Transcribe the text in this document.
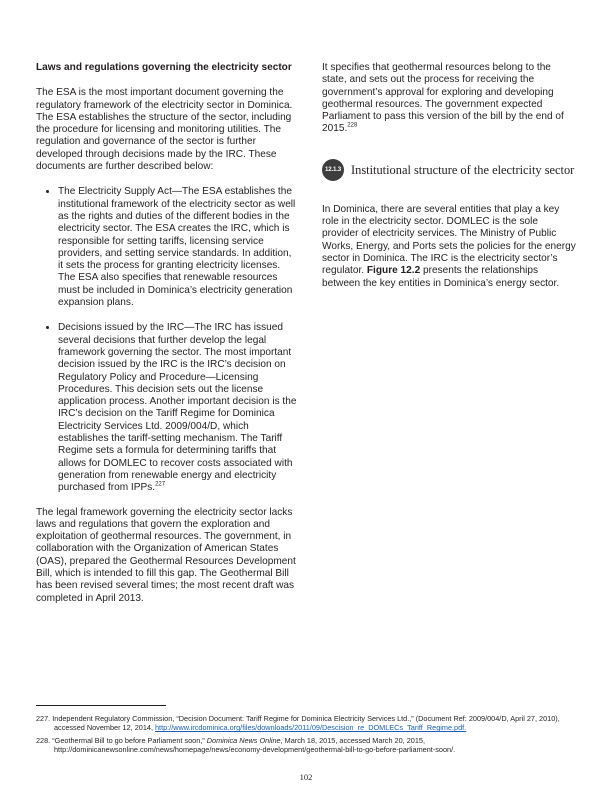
Laws and regulations governing the electricity sector

The ESA is the most important document governing the regulatory framework of the electricity sector in Dominica. The ESA establishes the structure of the sector, including the procedure for licensing and monitoring utilities. The regulation and governance of the sector is further developed through decisions made by the IRC. These documents are further described below:

• The Electricity Supply Act—The ESA establishes the institutional framework of the electricity sector as well as the rights and duties of the different bodies in the electricity sector. The ESA creates the IRC, which is responsible for setting tariffs, licensing service providers, and setting service standards. In addition, it sets the process for granting electricity licenses. The ESA also specifies that renewable resources must be included in Dominica’s electricity generation expansion plans.
• Decisions issued by the IRC—The IRC has issued several decisions that further develop the legal framework governing the sector. The most important decision issued by the IRC is the IRC’s decision on Regulatory Policy and Procedure—Licensing Procedures. This decision sets out the license application process. Another important decision is the IRC’s decision on the Tariff Regime for Dominica Electricity Services Ltd. 2009/004/D, which establishes the tariff-setting mechanism. The Tariff Regime sets a formula for determining tariffs that allows for DOMLEC to recover costs associated with generation from renewable energy and electricity purchased from IPPs.$^{227}$

The legal framework governing the electricity sector lacks laws and regulations that govern the exploration and exploitation of geothermal resources. The government, in collaboration with the Organization of American States (OAS), prepared the Geothermal Resources Development Bill, which is intended to fill this gap. The Geothermal Bill has been revised several times; the most recent draft was completed in April 2013.

It specifies that geothermal resources belong to the state, and sets out the process for receiving the government’s approval for exploring and developing geothermal resources. The government expected Parliament to pass this version of the bill by the end of 2015.$^{228}$

12.1.3 Institutional structure of the electricity sector

In Dominica, there are several entities that play a key role in the electricity sector. DOMLEC is the sole provider of electricity services. The Ministry of Public Works, Energy, and Ports sets the policies for the energy sector in Dominica. The IRC is the electricity sector’s regulator. Figure 12.2 presents the relationships between the key entities in Dominica’s energy sector.

227. Independent Regulatory Commission, “Decision Document: Tariff Regime for Dominica Electricity Services Ltd.,” (Document Ref: 2009/004/D, April 27, 2010), accessed November 12, 2014, http://www.ircdominica.org/files/downloads/2011/09/Descision_re_DOMLECs_Tariff_Regime.pdf.
228. “Geothermal Bill to go before Parliament soon,” Dominica News Online, March 18, 2015, accessed March 20, 2015, http://dominicanewsonline.com/news/homepage/news/economy-development/geothermal-bill-to-go-before-parliament-soon/.
102
